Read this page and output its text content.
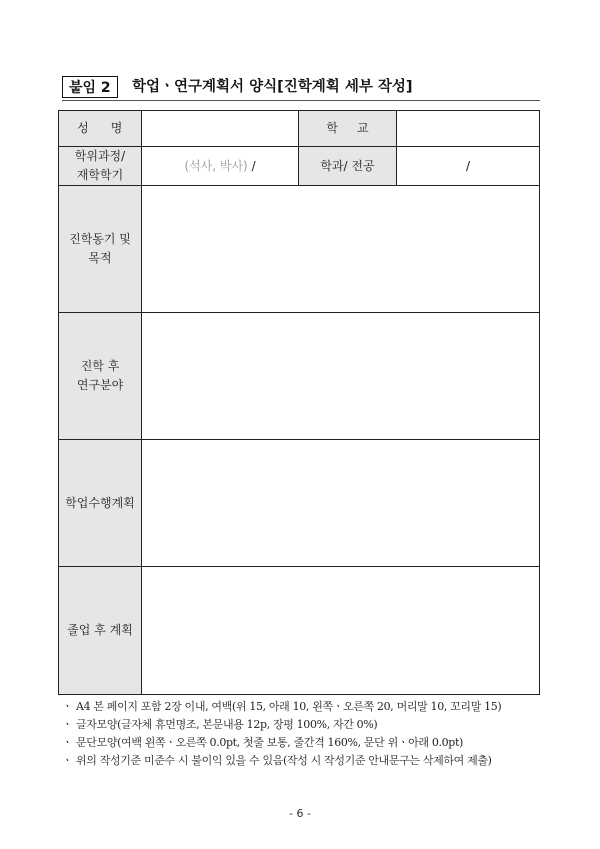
붙임 2	학업ㆍ연구계획서 양식[진학계획 세부 작성]
성     명		학     교	

학위과정/
재학학기	(석사, 박사) /	학과/ 전공	/

진학동기 및
목적			

진학 후
연구분야			

학업수행계획			
졸업 후 계획			
ㆍ A4 본 페이지 포함 2장 이내, 여백(위 15, 아래 10, 왼쪽ㆍ오른쪽 20, 머리말 10, 꼬리말 15)
ㆍ 글자모양(글자체 휴먼명조, 본문내용 12p, 장평 100%, 자간 0%)
ㆍ 문단모양(여백 왼쪽ㆍ오른쪽 0.0pt, 첫줄 보통, 줄간격 160%, 문단 위ㆍ아래 0.0pt)
ㆍ 위의 작성기준 미준수 시 불이익 있을 수 있음(작성 시 작성기준 안내문구는 삭제하여 제출)
- 6 -
